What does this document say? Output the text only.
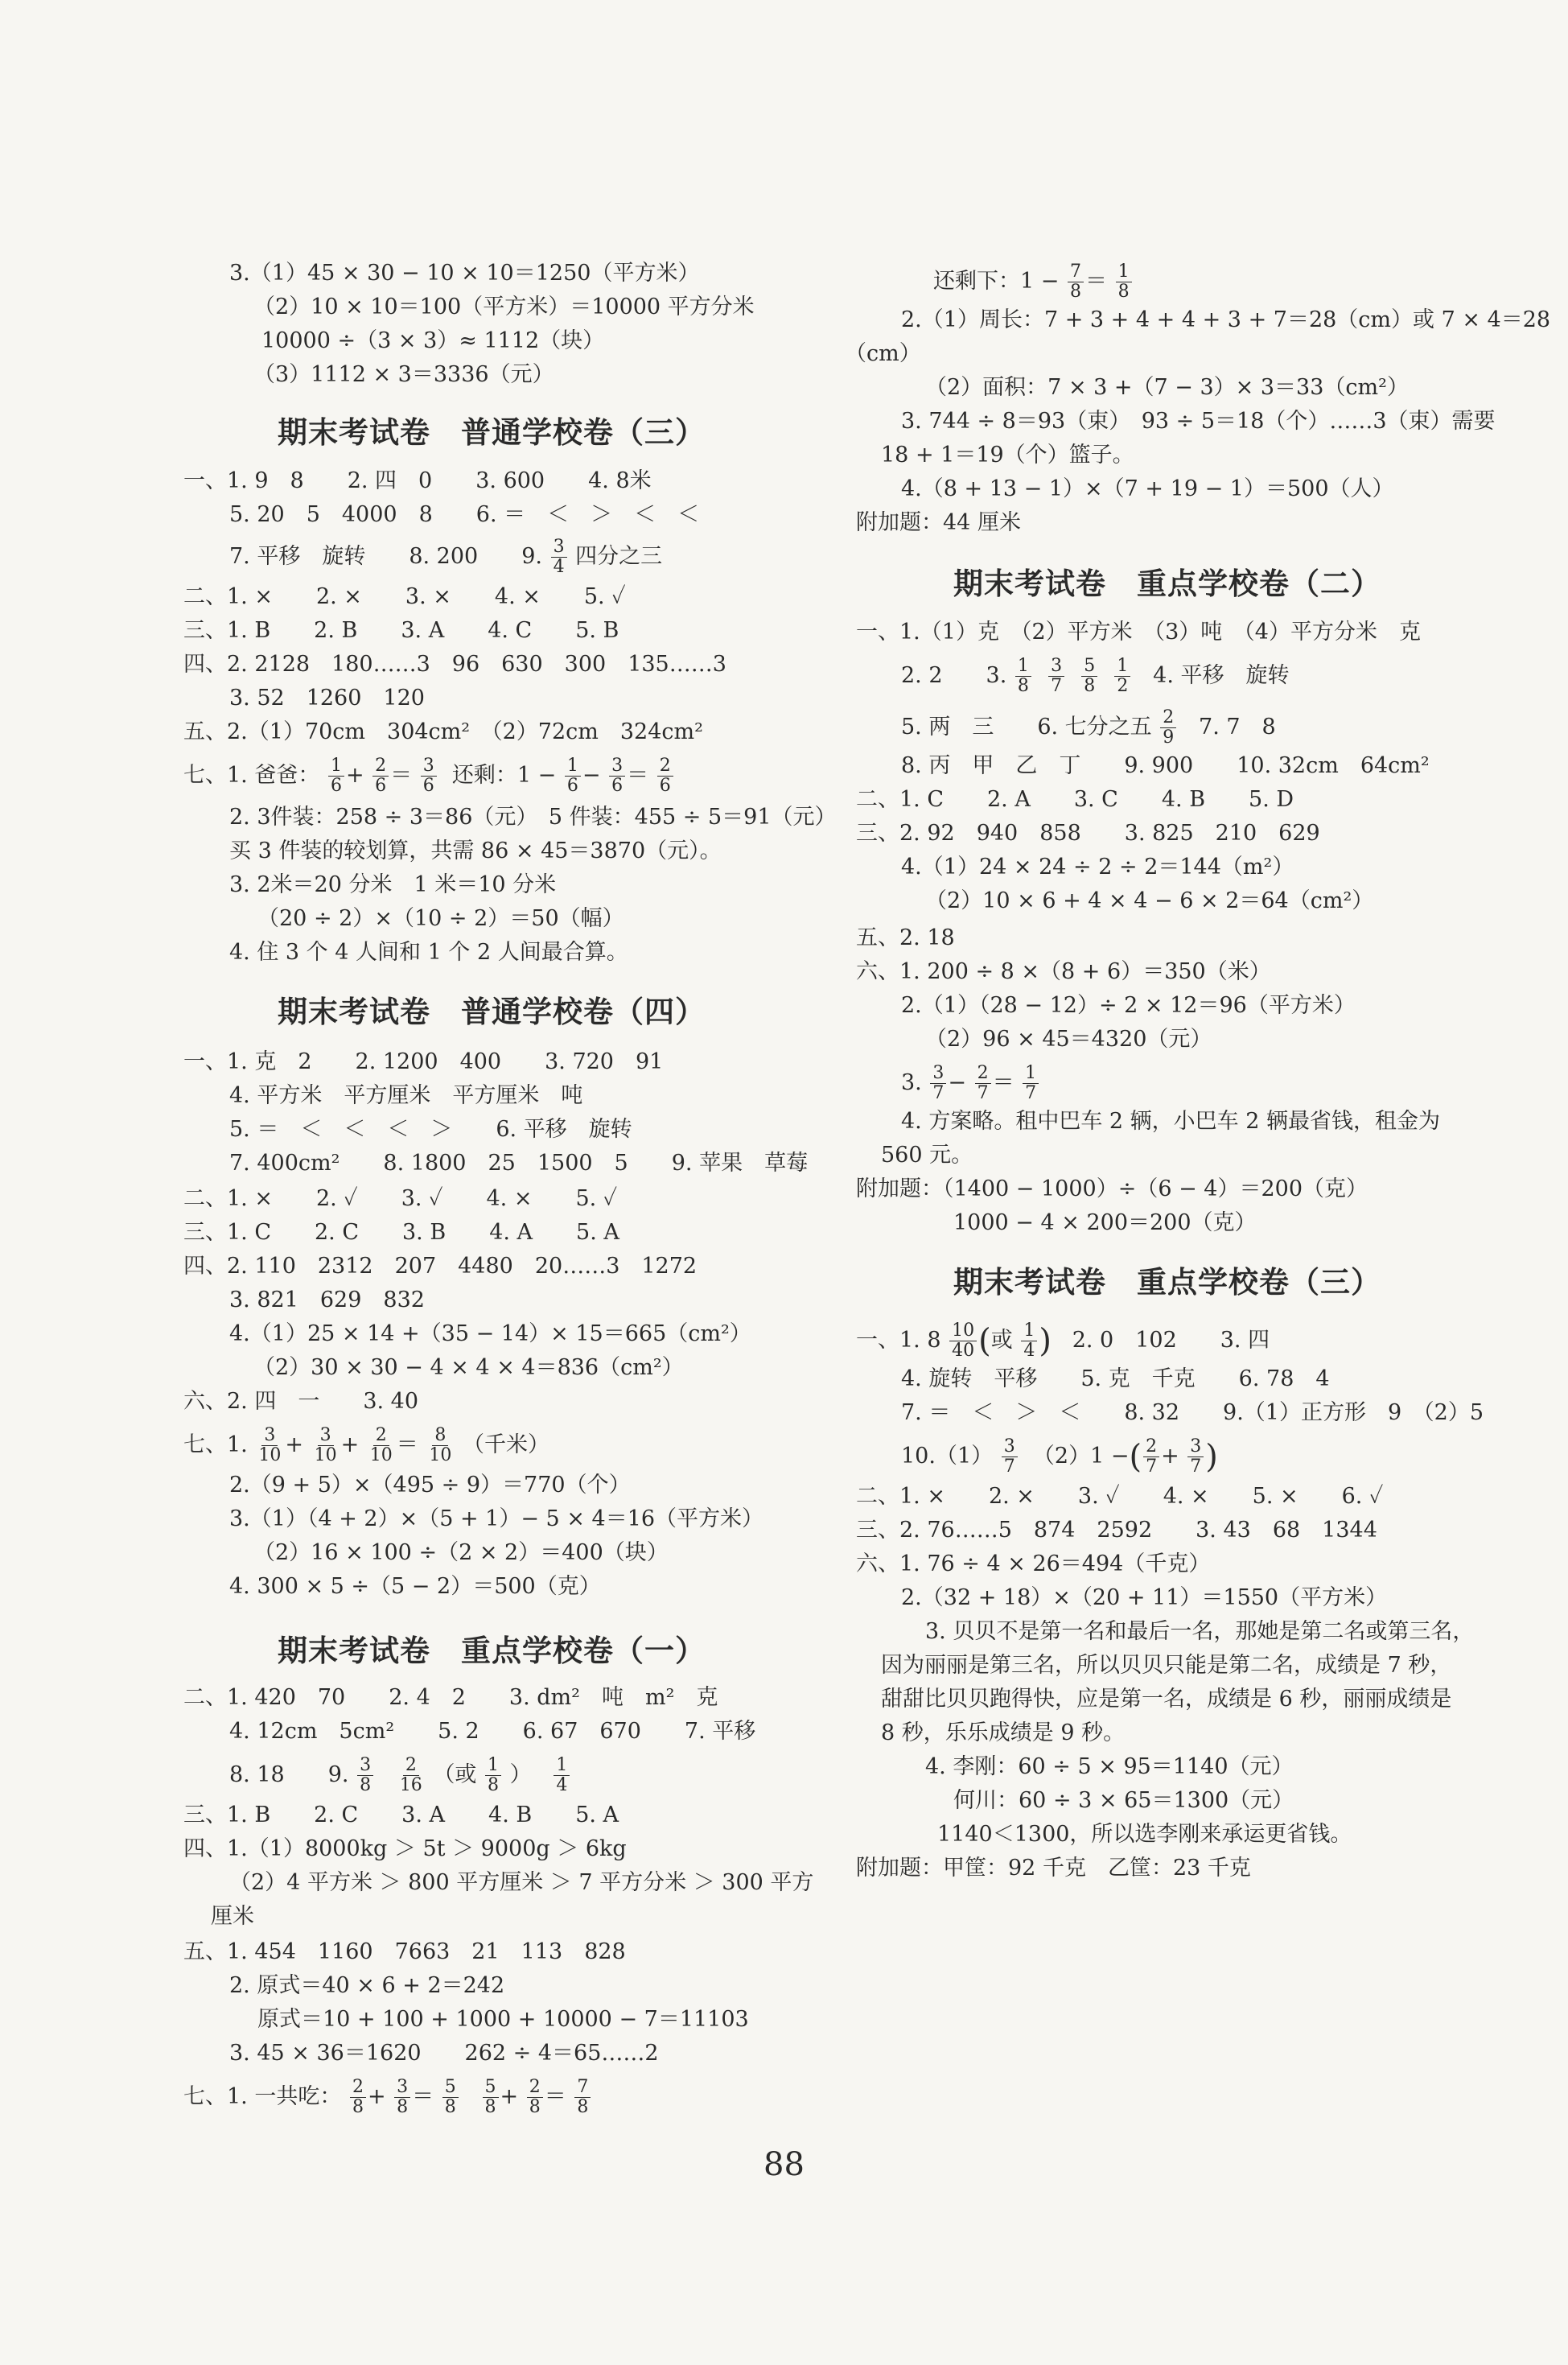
3.（1）45 × 30 − 10 × 10＝1250（平方米）
（2）10 × 10＝100（平方米）＝10000 平方分米
10000 ÷（3 × 3）≈ 1112（块）
（3）1112 × 3＝3336（元）
期末考试卷　普通学校卷（三）
一、1. 9　8　　2. 四　0　　3. 600　　4. 8米
5. 20　5　4000　8　　6. ＝　＜　＞　＜　＜
7. 平移　旋转　　8. 200　　9. $\frac{3}{4}$ 四分之三
二、1. ×　　2. ×　　3. ×　　4. ×　　5. ✓
三、1. B　　2. B　　3. A　　4. C　　5. B
四、2. 2128　180……3　96　630　300　135……3
3. 52　1260　120
五、2.（1）70cm　304cm²　（2）72cm　324cm²
七、1. 爸爸： $\frac{1}{6} + \frac{2}{6} = \frac{3}{6}$ 还剩：$1 - \frac{1}{6} - \frac{3}{6} = \frac{2}{6}$
2. 3件装：258 ÷ 3＝86（元）　5 件装：455 ÷ 5＝91（元）
买 3 件装的较划算，共需 86 × 45＝3870（元）。
3. 2米＝20 分米　1 米＝10 分米
（20 ÷ 2）×（10 ÷ 2）＝50（幅）
4. 住 3 个 4 人间和 1 个 2 人间最合算。
期末考试卷　普通学校卷（四）
一、1. 克　2　　2. 1200　400　　3. 720　91
4. 平方米　平方厘米　平方厘米　吨
5. ＝　＜　＜　＜　＞　　6. 平移　旋转
7. 400cm²　　8. 1800　25　1500　5　　9. 苹果　草莓
二、1. ×　　2. ✓　　3. ✓　　4. ×　　5. ✓
三、1. C　　2. C　　3. B　　4. A　　5. A
四、2. 110　2312　207　4480　20……3　1272
3. 821　629　832
4.（1）25 × 14 +（35 − 14）× 15＝665（cm²）
（2）30 × 30 − 4 × 4 × 4＝836（cm²）
六、2. 四　一　　3. 40
七、1. $\frac{3}{10} + \frac{3}{10} + \frac{2}{10} = \frac{8}{10}$ （千米）
2.（9 + 5）×（495 ÷ 9）＝770（个）
3.（1）（4 + 2）×（5 + 1）− 5 × 4＝16（平方米）
（2）16 × 100 ÷（2 × 2）＝400（块）
4. 300 × 5 ÷（5 − 2）＝500（克）
期末考试卷　重点学校卷（一）
二、1. 420　70　　2. 4　2　　3. dm²　吨　m²　克
4. 12cm　5cm²　　5. 2　　6. 67　670　　7. 平移
8. 18　　9. $\frac{3}{8}$
$\frac{2}{16}$ （或 $\frac{1}{8}$ ） $\frac{1}{4}$
三、1. B　　2. C　　3. A　　4. B　　5. A
四、1.（1）8000kg ＞ 5t ＞ 9000g ＞ 6kg
（2）4 平方米 ＞ 800 平方厘米 ＞ 7 平方分米 ＞ 300 平方
厘米
五、1. 454　1160　7663　21　113　828
2. 原式＝40 × 6 + 2＝242
原式＝10 + 100 + 1000 + 10000 − 7＝11103
3. 45 × 36＝1620　　262 ÷ 4＝65……2
七、1. 一共吃： $\frac{2}{8} + \frac{3}{8} = \frac{5}{8}$
$\frac{5}{8} + \frac{2}{8} = \frac{7}{8}$
还剩下：$1 - \frac{7}{8} = \frac{1}{8}$
2.（1）周长：7 + 3 + 4 + 4 + 3 + 7＝28（cm）或 7 × 4＝28
（cm）
（2）面积：7 × 3 +（7 − 3）× 3＝33（cm²）
3. 744 ÷ 8＝93（束）　93 ÷ 5＝18（个）……3（束）需要
18 + 1＝19（个）篮子。
4.（8 + 13 − 1）×（7 + 19 − 1）＝500（人）
附加题：44 厘米
期末考试卷　重点学校卷（二）
一、1.（1）克　（2）平方米　（3）吨　（4）平方分米　克
2. 2　　3. $\frac{1}{8}$
$\frac{3}{7}$
$\frac{5}{8}$
$\frac{1}{2} 4$. 平移　旋转
5. 两　三　　6. 七分之五 $\frac{2}{9} 7$. 7　8
8. 丙　甲　乙　丁　　9. 900　　10. 32cm　64cm²
二、1. C　　2. A　　3. C　　4. B　　5. D
三、2. 92　940　858　　3. 825　210　629
4.（1）24 × 24 ÷ 2 ÷ 2＝144（m²）
（2）10 × 6 + 4 × 4 − 6 × 2＝64（cm²）
五、2. 18
六、1. 200 ÷ 8 ×（8 + 6）＝350（米）
2.（1）（28 − 12）÷ 2 × 12＝96（平方米）
（2）96 × 45＝4320（元）
3. $\frac{3}{7} - \frac{2}{7} = \frac{1}{7}$
4. 方案略。租中巴车 2 辆，小巴车 2 辆最省钱，租金为
560 元。
附加题：（1400 − 1000）÷（6 − 4）＝200（克）
1000 − 4 × 200＝200（克）
期末考试卷　重点学校卷（三）
一、1. $8 \frac{10}{40}$ (或 $\frac{1}{4}$ ) 2. 0　102　　3. 四
4. 旋转　平移　　5. 克　千克　　6. 78　4
7. ＝　＜　＞　＜　　8. 32　　9.（1）正方形　9　（2）5
$10.(1) \frac{3}{7} (2)1$ −( $\frac{2}{7} + \frac{3}{7}$ )
二、1. ×　　2. ×　　3. ✓　　4. ×　　5. ×　　6. ✓
三、2. 76……5　874　2592　　3. 43　68　1344
六、1. 76 ÷ 4 × 26＝494（千克）
2.（32 + 18）×（20 + 11）＝1550（平方米）
3. 贝贝不是第一名和最后一名，那她是第二名或第三名，
因为丽丽是第三名，所以贝贝只能是第二名，成绩是 7 秒，
甜甜比贝贝跑得快，应是第一名，成绩是 6 秒，丽丽成绩是
8 秒，乐乐成绩是 9 秒。
4. 李刚：60 ÷ 5 × 95＝1140（元）
何川：60 ÷ 3 × 65＝1300（元）
1140＜1300，所以选李刚来承运更省钱。
附加题：甲筐：92 千克　乙筐：23 千克
88
